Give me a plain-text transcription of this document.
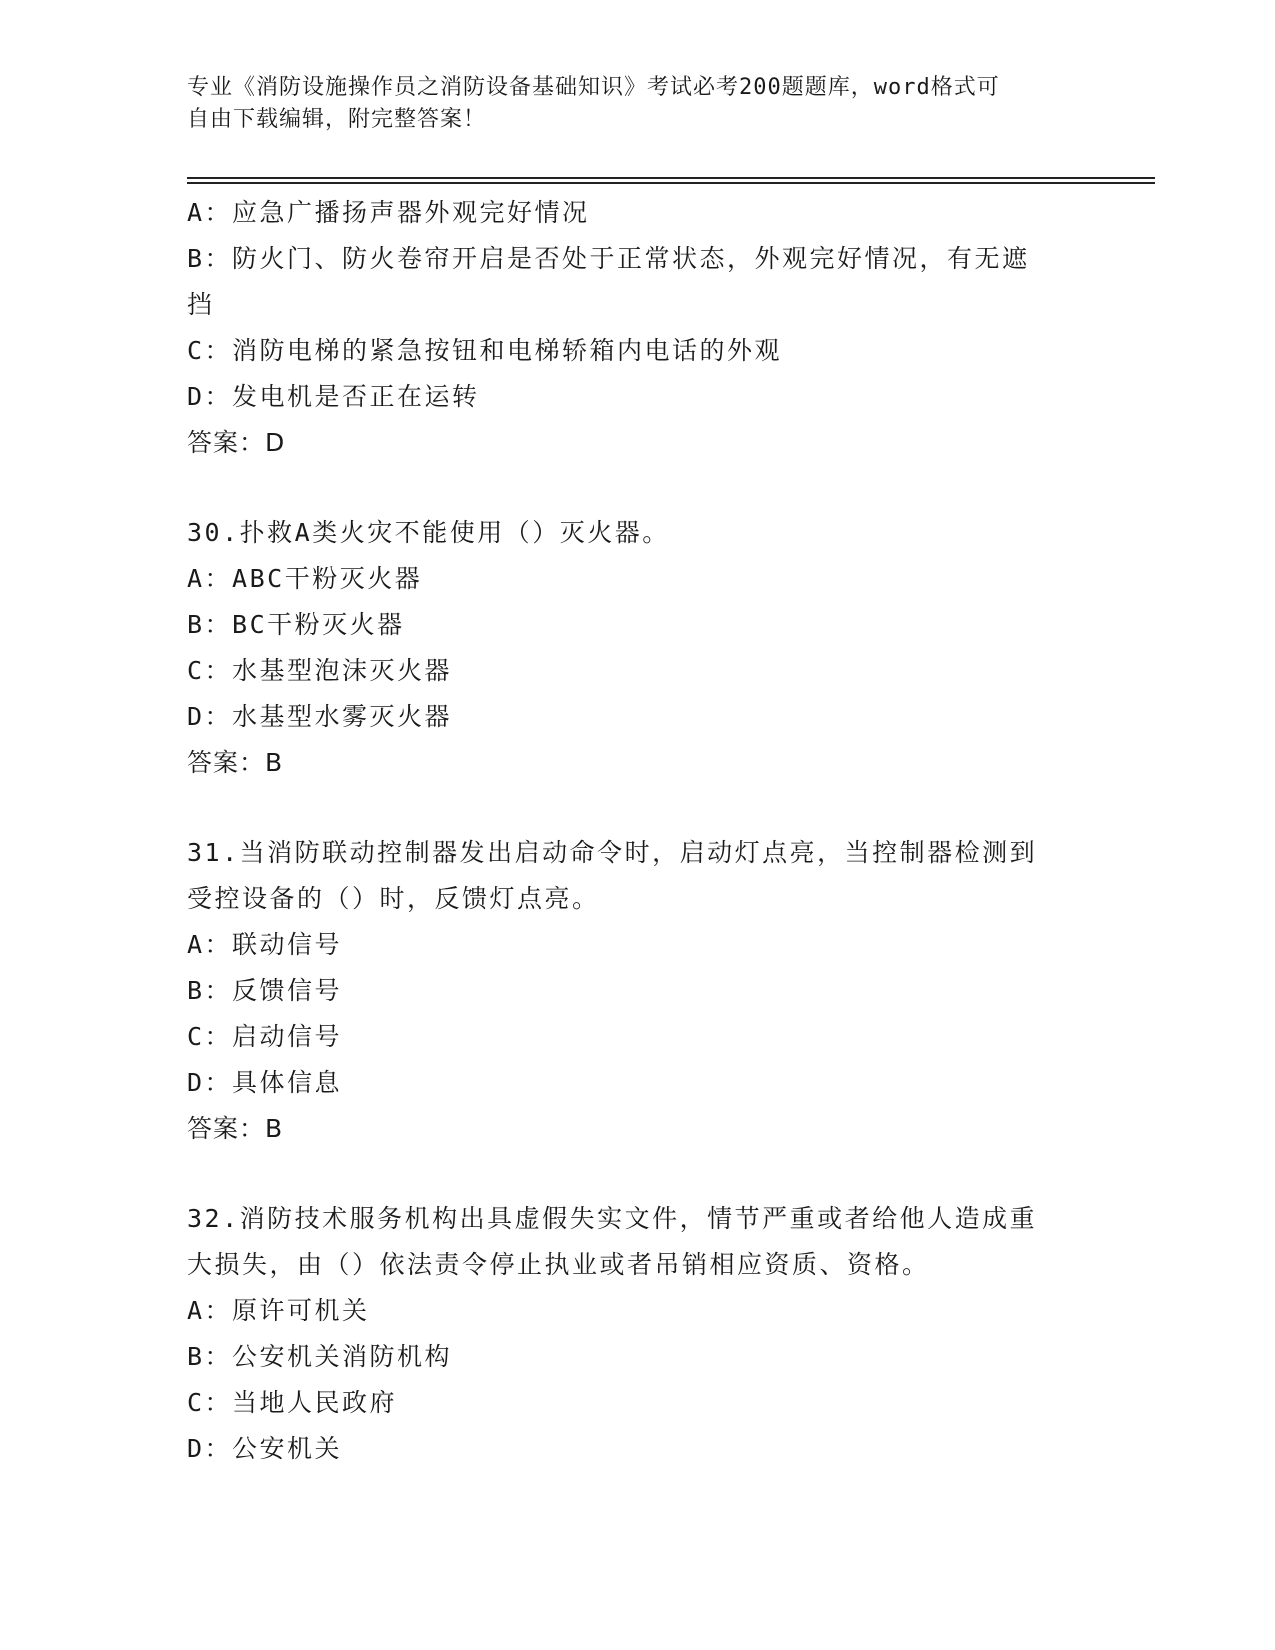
专业《消防设施操作员之消防设备基础知识》考试必考200题题库，word格式可
自由下载编辑，附完整答案！
A：应急广播扬声器外观完好情况
B：防火门、防火卷帘开启是否处于正常状态，外观完好情况，有无遮
挡
C：消防电梯的紧急按钮和电梯轿箱内电话的外观
D：发电机是否正在运转
答案：D
30.扑救A类火灾不能使用（）灭火器。
A：ABC干粉灭火器
B：BC干粉灭火器
C：水基型泡沫灭火器
D：水基型水雾灭火器
答案：B
31.当消防联动控制器发出启动命令时，启动灯点亮，当控制器检测到
受控设备的（）时，反馈灯点亮。
A：联动信号
B：反馈信号
C：启动信号
D：具体信息
答案：B
32.消防技术服务机构出具虚假失实文件，情节严重或者给他人造成重
大损失，由（）依法责令停止执业或者吊销相应资质、资格。
A：原许可机关
B：公安机关消防机构
C：当地人民政府
D：公安机关
